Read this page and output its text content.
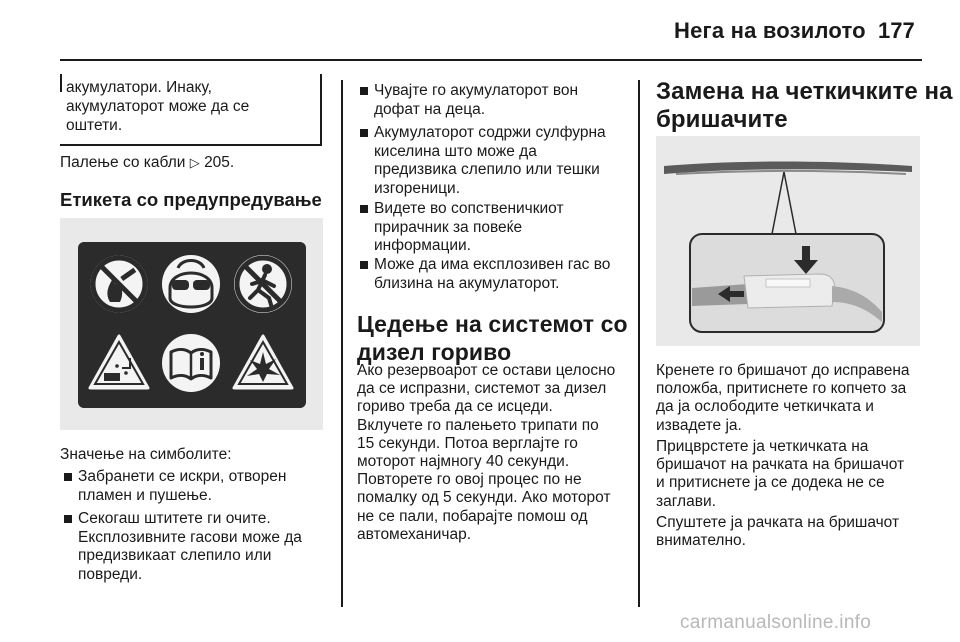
Нега на возилото 177
акумулатори. Инаку,
акумулаторот може да се
оштети.
Палење со кабли ▷ 205.
Етикета со предупредување
Значење на симболите:
Забранети се искри, отворен
пламен и пушење.
Секогаш штитете ги очите.
Експлозивните гасови може да
предизвикаат слепило или
повреди.
Чувајте го акумулаторот вон
дофат на деца.
Акумулаторот содржи сулфурна
киселина што може да
предизвика слепило или тешки
изгореници.
Видете во сопственичкиот
прирачник за повеќе
информации.
Може да има експлозивен гас во
близина на акумулаторот.
Цедење на системот со
дизел гориво
Ако резервоарот се остави целосно
да се испразни, системот за дизел
гориво треба да се исцеди.
Вклучете го палењето трипати по
15 секунди. Потоа верглајте го
моторот најмногу 40 секунди.
Повторете го овој процес по не
помалку од 5 секунди. Ако моторот
не се пали, побарајте помош од
автомеханичар.
Замена на четкичките на
бришачите
Кренете го бришачот до исправена
положба, притиснете го копчето за
да ја ослободите четкичката и
извадете ја.
Прицврстете ја четкичката на
бришачот на рачката на бришачот
и притиснете ја се додека не се
заглави.
Спуштете ја рачката на бришачот
внимателно.
carmanualsonline.info
